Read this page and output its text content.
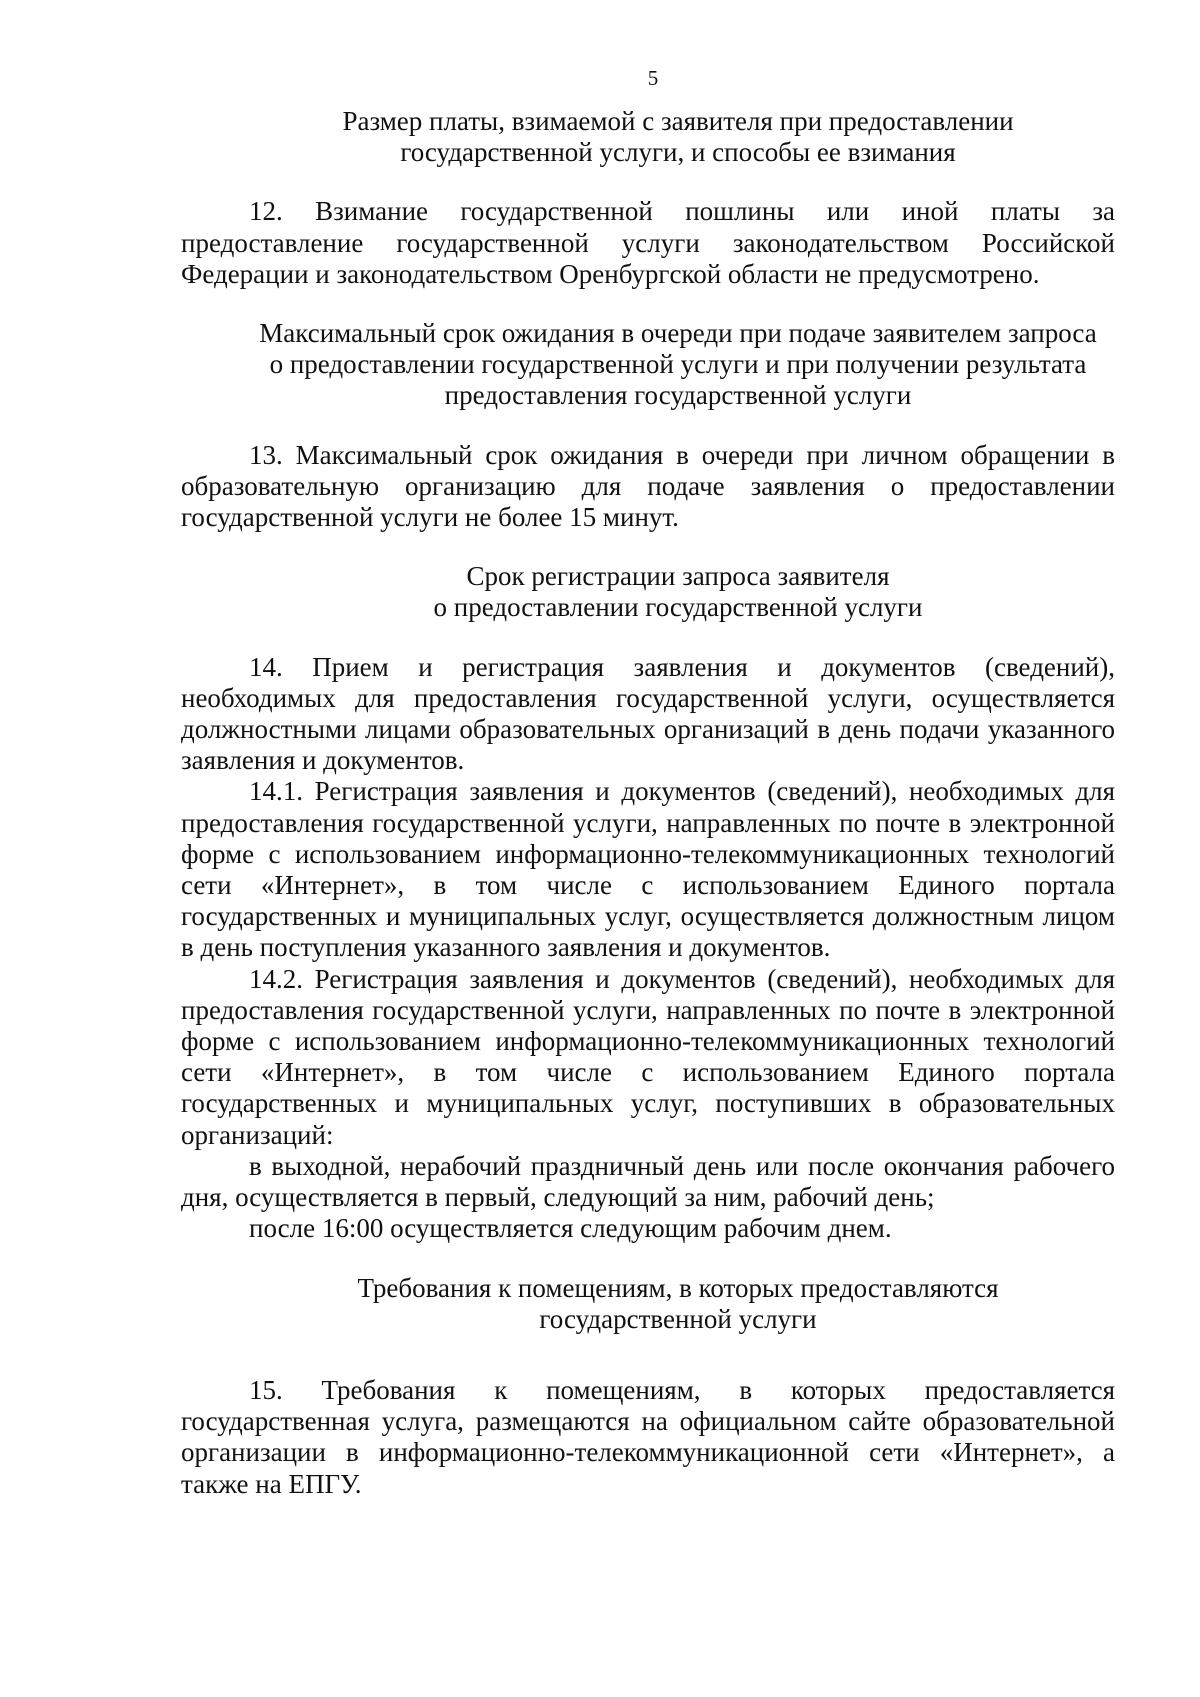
5
Размер платы, взимаемой с заявителя при предоставлении
государственной услуги, и способы ее взимания

12. Взимание государственной пошлины или иной платы за предоставление государственной услуги законодательством Российской Федерации и законодательством Оренбургской области не предусмотрено.

Максимальный срок ожидания в очереди при подаче заявителем запроса
о предоставлении государственной услуги и при получении результата
предоставления государственной услуги

13. Максимальный срок ожидания в очереди при личном обращении в образовательную организацию для подаче заявления о предоставлении государственной услуги не более 15 минут.

Срок регистрации запроса заявителя
о предоставлении государственной услуги

14. Прием и регистрация заявления и документов (сведений), необходимых для предоставления государственной услуги, осуществляется должностными лицами образовательных организаций в день подачи указанного заявления и документов.

14.1. Регистрация заявления и документов (сведений), необходимых для предоставления государственной услуги, направленных по почте в электронной форме с использованием информационно-телекоммуникационных технологий сети «Интернет», в том числе с использованием Единого портала государственных и муниципальных услуг, осуществляется должностным лицом в день поступления указанного заявления и документов.

14.2. Регистрация заявления и документов (сведений), необходимых для предоставления государственной услуги, направленных по почте в электронной форме с использованием информационно-телекоммуникационных технологий сети «Интернет», в том числе с использованием Единого портала государственных и муниципальных услуг, поступивших в образовательных организаций:

в выходной, нерабочий праздничный день или после окончания рабочего дня, осуществляется в первый, следующий за ним, рабочий день;

после 16:00 осуществляется следующим рабочим днем.

Требования к помещениям, в которых предоставляются
государственной услуги

15. Требования к помещениям, в которых предоставляется государственная услуга, размещаются на официальном сайте образовательной организации в информационно-телекоммуникационной сети «Интернет», а также на ЕПГУ.
